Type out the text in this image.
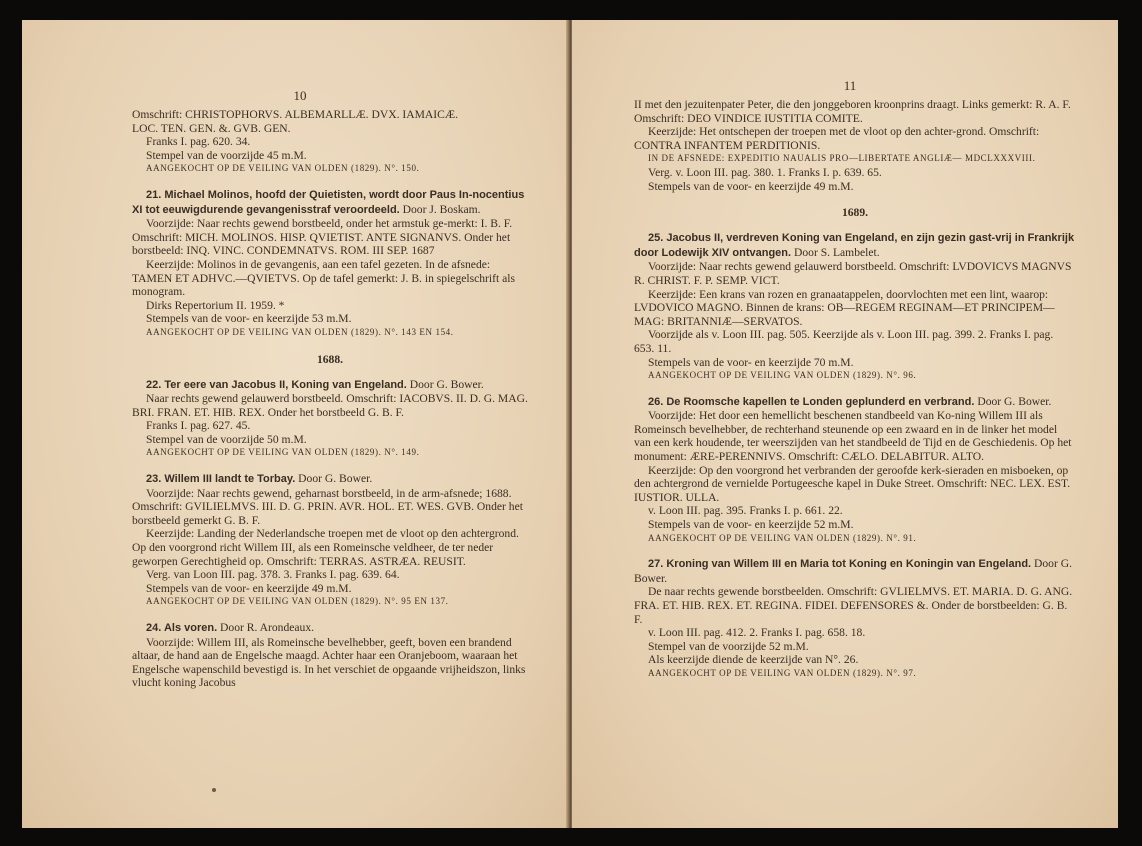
10

Omschrift: CHRISTOPHORVS. ALBEMARLLÆ. DVX. IAMAICÆ.

LOC. TEN. GEN. &. GVB. GEN.

Franks I. pag. 620. 34.

Stempel van de voorzijde 45 m.M.

AANGEKOCHT OP DE VEILING VAN OLDEN (1829). N°. 150.

21. Michael Molinos, hoofd der Quietisten, wordt door Paus In-nocentius XI tot eeuwigdurende gevangenisstraf veroordeeld. Door J. Boskam.

Voorzijde: Naar rechts gewend borstbeeld, onder het armstuk ge-merkt: I. B. F. Omschrift: MICH. MOLINOS. HISP. QVIETIST. ANTE SIGNANVS. Onder het borstbeeld: INQ. VINC. CONDEMNATVS. ROM. III SEP. 1687

Keerzijde: Molinos in de gevangenis, aan een tafel gezeten. In de afsnede: TAMEN ET ADHVC.—QVIETVS. Op de tafel gemerkt: J. B. in spiegelschrift als monogram.

Dirks Repertorium II. 1959. *

Stempels van de voor- en keerzijde 53 m.M.

AANGEKOCHT OP DE VEILING VAN OLDEN (1829). N°. 143 EN 154.

1688.

22. Ter eere van Jacobus II, Koning van Engeland. Door G. Bower.

Naar rechts gewend gelauwerd borstbeeld. Omschrift: IACOBVS. II. D. G. MAG. BRI. FRAN. ET. HIB. REX. Onder het borstbeeld G. B. F.

Franks I. pag. 627. 45.

Stempel van de voorzijde 50 m.M.

AANGEKOCHT OP DE VEILING VAN OLDEN (1829). N°. 149.

23. Willem III landt te Torbay. Door G. Bower.

Voorzijde: Naar rechts gewend, geharnast borstbeeld, in de arm-afsnede; 1688. Omschrift: GVILIELMVS. III. D. G. PRIN. AVR. HOL. ET. WES. GVB. Onder het borstbeeld gemerkt G. B. F.

Keerzijde: Landing der Nederlandsche troepen met de vloot op den achtergrond. Op den voorgrond richt Willem III, als een Romeinsche veldheer, de ter neder geworpen Gerechtigheid op. Omschrift: TERRAS. ASTRÆA. REUSIT.

Verg. van Loon III. pag. 378. 3. Franks I. pag. 639. 64.

Stempels van de voor- en keerzijde 49 m.M.

AANGEKOCHT OP DE VEILING VAN OLDEN (1829). N°. 95 EN 137.

24. Als voren. Door R. Arondeaux.

Voorzijde: Willem III, als Romeinsche bevelhebber, geeft, boven een brandend altaar, de hand aan de Engelsche maagd. Achter haar een Oranjeboom, waaraan het Engelsche wapenschild bevestigd is. In het verschiet de opgaande vrijheidszon, links vlucht koning Jacobus

11

II met den jezuitenpater Peter, die den jonggeboren kroonprins draagt. Links gemerkt: R. A. F. Omschrift: DEO VINDICE IUSTITIA COMITE.

Keerzijde: Het ontschepen der troepen met de vloot op den achter-grond. Omschrift: CONTRA INFANTEM PERDITIONIS.

IN DE AFSNEDE: EXPEDITIO NAUALIS PRO—LIBERTATE ANGLIÆ— MDCLXXXVIII.

Verg. v. Loon III. pag. 380. 1. Franks I. p. 639. 65.

Stempels van de voor- en keerzijde 49 m.M.

1689.

25. Jacobus II, verdreven Koning van Engeland, en zijn gezin gast-vrij in Frankrijk door Lodewijk XIV ontvangen. Door S. Lambelet.

Voorzijde: Naar rechts gewend gelauwerd borstbeeld. Omschrift: LVDOVICVS MAGNVS R. CHRIST. F. P. SEMP. VICT.

Keerzijde: Een krans van rozen en granaatappelen, doorvlochten met een lint, waarop: LVDOVICO MAGNO. Binnen de krans: OB—REGEM REGINAM—ET PRINCIPEM—MAG: BRITANNIÆ—SERVATOS.

Voorzijde als v. Loon III. pag. 505. Keerzijde als v. Loon III. pag. 399. 2. Franks I. pag. 653. 11.

Stempels van de voor- en keerzijde 70 m.M.

AANGEKOCHT OP DE VEILING VAN OLDEN (1829). N°. 96.

26. De Roomsche kapellen te Londen geplunderd en verbrand. Door G. Bower.

Voorzijde: Het door een hemellicht beschenen standbeeld van Ko-ning Willem III als Romeinsch bevelhebber, de rechterhand steunende op een zwaard en in de linker het model van een kerk houdende, ter weerszijden van het standbeeld de Tijd en de Geschiedenis. Op het monument: ÆRE-PERENNIVS. Omschrift: CÆLO. DELABITUR. ALTO.

Keerzijde: Op den voorgrond het verbranden der geroofde kerk-sieraden en misboeken, op den achtergrond de vernielde Portugeesche kapel in Duke Street. Omschrift: NEC. LEX. EST. IUSTIOR. ULLA.

v. Loon III. pag. 395. Franks I. p. 661. 22.

Stempels van de voor- en keerzijde 52 m.M.

AANGEKOCHT OP DE VEILING VAN OLDEN (1829). N°. 91.

27. Kroning van Willem III en Maria tot Koning en Koningin van Engeland. Door G. Bower.

De naar rechts gewende borstbeelden. Omschrift: GVLIELMVS. ET. MARIA. D. G. ANG. FRA. ET. HIB. REX. ET. REGINA. FIDEI. DEFENSORES &. Onder de borstbeelden: G. B. F.

v. Loon III. pag. 412. 2. Franks I. pag. 658. 18.

Stempel van de voorzijde 52 m.M.

Als keerzijde diende de keerzijde van N°. 26.

AANGEKOCHT OP DE VEILING VAN OLDEN (1829). N°. 97.
